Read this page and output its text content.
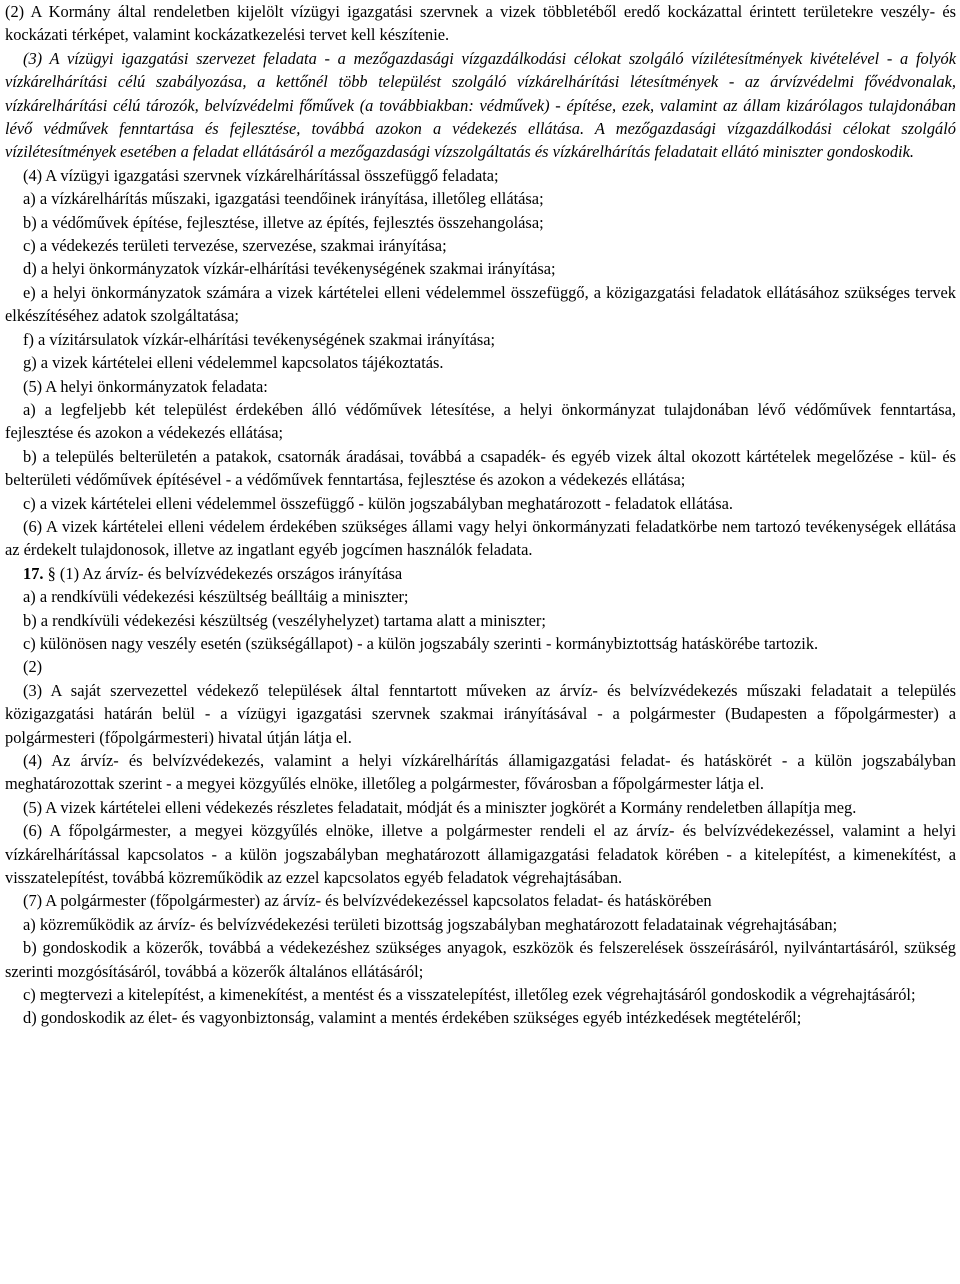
(2) A Kormány által rendeletben kijelölt vízügyi igazgatási szervnek a vizek többletéből eredő kockázattal érintett területekre veszély- és kockázati térképet, valamint kockázatkezelési tervet kell készítenie.

(3) A vízügyi igazgatási szervezet feladata - a mezőgazdasági vízgazdálkodási célokat szolgáló vízilétesítmények kivételével - a folyók vízkárelhárítási célú szabályozása, a kettőnél több települést szolgáló vízkárelhárítási létesítmények - az árvízvédelmi fővédvonalak, vízkárelhárítási célú tározók, belvízvédelmi főművek (a továbbiakban: védművek) - építése, ezek, valamint az állam kizárólagos tulajdonában lévő védművek fenntartása és fejlesztése, továbbá azokon a védekezés ellátása. A mezőgazdasági vízgazdálkodási célokat szolgáló vízilétesítmények esetében a feladat ellátásáról a mezőgazdasági vízszolgáltatás és vízkárelhárítás feladatait ellátó miniszter gondoskodik.

(4) A vízügyi igazgatási szervnek vízkárelhárítással összefüggő feladata;

a) a vízkárelhárítás műszaki, igazgatási teendőinek irányítása, illetőleg ellátása;

b) a védőművek építése, fejlesztése, illetve az építés, fejlesztés összehangolása;

c) a védekezés területi tervezése, szervezése, szakmai irányítása;

d) a helyi önkormányzatok vízkár-elhárítási tevékenységének szakmai irányítása;

e) a helyi önkormányzatok számára a vizek kártételei elleni védelemmel összefüggő, a közigazgatási feladatok ellátásához szükséges tervek elkészítéséhez adatok szolgáltatása;

f) a vízitársulatok vízkár-elhárítási tevékenységének szakmai irányítása;

g) a vizek kártételei elleni védelemmel kapcsolatos tájékoztatás.

(5) A helyi önkormányzatok feladata:

a) a legfeljebb két települést érdekében álló védőművek létesítése, a helyi önkormányzat tulajdonában lévő védőművek fenntartása, fejlesztése és azokon a védekezés ellátása;

b) a település belterületén a patakok, csatornák áradásai, továbbá a csapadék- és egyéb vizek által okozott kártételek megelőzése - kül- és belterületi védőművek építésével - a védőművek fenntartása, fejlesztése és azokon a védekezés ellátása;

c) a vizek kártételei elleni védelemmel összefüggő - külön jogszabályban meghatározott - feladatok ellátása.

(6) A vizek kártételei elleni védelem érdekében szükséges állami vagy helyi önkormányzati feladatkörbe nem tartozó tevékenységek ellátása az érdekelt tulajdonosok, illetve az ingatlant egyéb jogcímen használók feladata.

17. § (1) Az árvíz- és belvízvédekezés országos irányítása

a) a rendkívüli védekezési készültség beálltáig a miniszter;

b) a rendkívüli védekezési készültség (veszélyhelyzet) tartama alatt a miniszter;

c) különösen nagy veszély esetén (szükségállapot) - a külön jogszabály szerinti - kormánybiztottság hatáskörébe tartozik.

(2)

(3) A saját szervezettel védekező települések által fenntartott műveken az árvíz- és belvízvédekezés műszaki feladatait a település közigazgatási határán belül - a vízügyi igazgatási szervnek szakmai irányításával - a polgármester (Budapesten a főpolgármester) a polgármesteri (főpolgármesteri) hivatal útján látja el.

(4) Az árvíz- és belvízvédekezés, valamint a helyi vízkárelhárítás államigazgatási feladat- és hatáskörét - a külön jogszabályban meghatározottak szerint - a megyei közgyűlés elnöke, illetőleg a polgármester, fővárosban a főpolgármester látja el.

(5) A vizek kártételei elleni védekezés részletes feladatait, módját és a miniszter jogkörét a Kormány rendeletben állapítja meg.

(6) A főpolgármester, a megyei közgyűlés elnöke, illetve a polgármester rendeli el az árvíz- és belvízvédekezéssel, valamint a helyi vízkárelhárítással kapcsolatos - a külön jogszabályban meghatározott államigazgatási feladatok körében - a kitelepítést, a kimenekítést, a visszatelepítést, továbbá közreműködik az ezzel kapcsolatos egyéb feladatok végrehajtásában.

(7) A polgármester (főpolgármester) az árvíz- és belvízvédekezéssel kapcsolatos feladat- és hatáskörében

a) közreműködik az árvíz- és belvízvédekezési területi bizottság jogszabályban meghatározott feladatainak végrehajtásában;

b) gondoskodik a közerők, továbbá a védekezéshez szükséges anyagok, eszközök és felszerelések összeírásáról, nyilvántartásáról, szükség szerinti mozgósításáról, továbbá a közerők általános ellátásáról;

c) megtervezi a kitelepítést, a kimenekítést, a mentést és a visszatelepítést, illetőleg ezek végrehajtásáról gondoskodik a végrehajtásáról;

d) gondoskodik az élet- és vagyonbiztonság, valamint a mentés érdekében szükséges egyéb intézkedések megtételéről;
